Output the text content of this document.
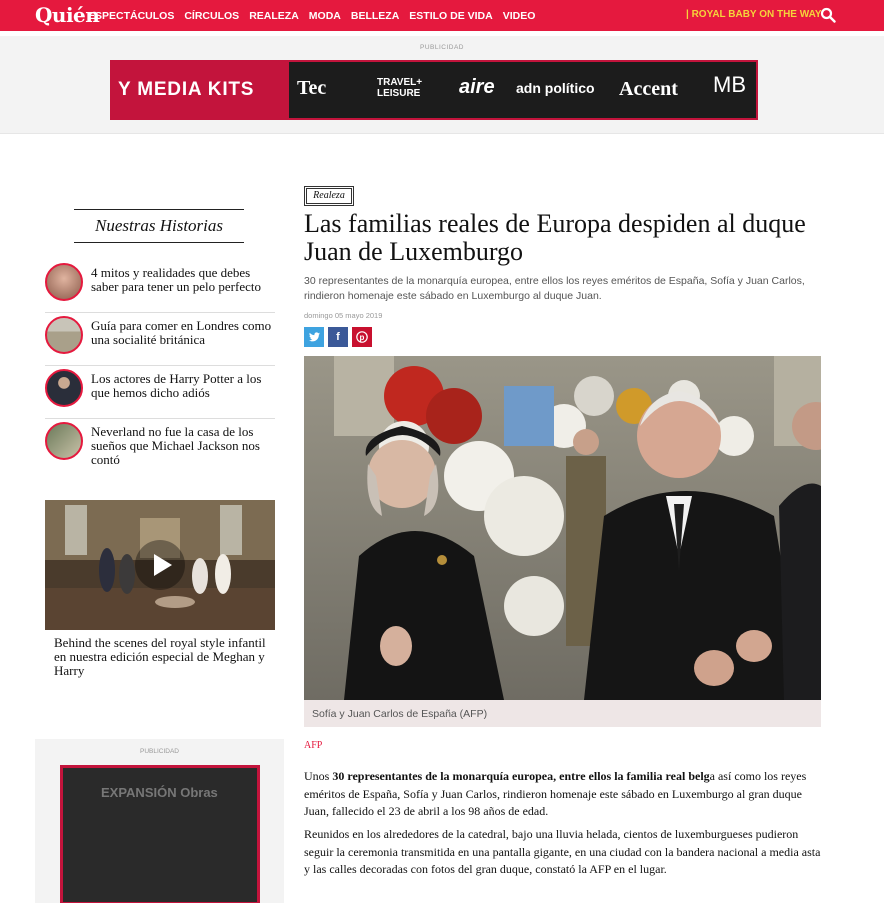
Quién
ESPECTÁCULOS CÍRCULOS REALEZA MODA BELLEZA ESTILO DE VIDA VIDEO	| ROYAL BABY ON THE WAY
PUBLICIDAD
Y MEDIA KITS Tec	TRAVEL+ LEISURE	aire adn político Accent MB
Nuestras Historias
4 mitos y realidades que debes saber para tener un pelo perfecto
Guía para comer en Londres como una socialité británica
Los actores de Harry Potter a los que hemos dicho adiós
Neverland no fue la casa de los sueños que Michael Jackson nos contó
Behind the scenes del royal style infantil en nuestra edición especial de Meghan y Harry
PUBLICIDAD
EXPANSIÓN Obras
Realeza
Las familias reales de Europa despiden al duque Juan de Luxemburgo

30 representantes de la monarquía europea, entre ellos los reyes eméritos de España, Sofía y Juan Carlos, rindieron homenaje este sábado en Luxemburgo al duque Juan.

domingo 05 mayo 2019
f p
Sofía y Juan Carlos de España (AFP)
AFP

Unos 30 representantes de la monarquía europea, entre ellos la familia real belga así como los reyes eméritos de España, Sofía y Juan Carlos, rindieron homenaje este sábado en Luxemburgo al gran duque Juan, fallecido el 23 de abril a los 98 años de edad.

Reunidos en los alrededores de la catedral, bajo una lluvia helada, cientos de luxemburgueses pudieron seguir la ceremonia transmitida en una pantalla gigante, en una ciudad con la bandera nacional a media asta y las calles decoradas con fotos del gran duque, constató la AFP en el lugar.
